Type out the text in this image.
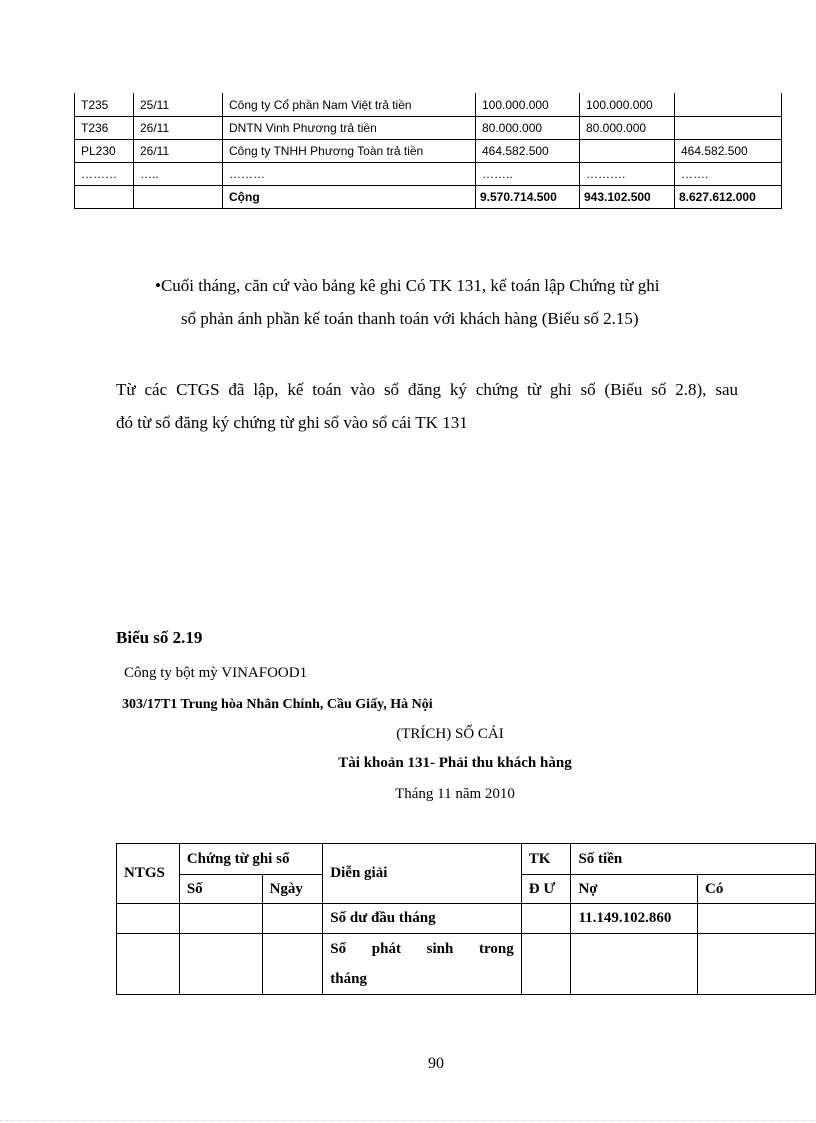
T235	25/11	Công ty Cổ phần Nam Việt trả tiền	100.000.000	100.000.000	
T236	26/11	DNTN Vinh Phương trả tiền	80.000.000	80.000.000	
PL230	26/11	Công ty TNHH Phương Toàn trả tiền	464.582.500		464.582.500
………	…..	………	……..	……….	…….
		Cộng	9.570.714.500	943.102.500	8.627.612.000
•Cuối tháng, căn cứ vào bảng kê ghi Có TK 131, kế toán lập Chứng từ ghi
sổ phản ánh phần kế toán thanh toán với khách hàng (Biểu số 2.15)
Từ các CTGS đã lập, kế toán vào sổ đăng ký chứng từ ghi sổ (Biểu số 2.8), sau
đó từ sổ đăng ký chứng từ ghi sổ vào sổ cái TK 131
Biểu số 2.19
Công ty bột mỳ VINAFOOD1
303/17T1 Trung hòa Nhân Chính, Cầu Giấy, Hà Nội
(TRÍCH) SỔ CÁI
Tài khoản 131- Phải thu khách hàng
Tháng 11 năm 2010
NTGS	Chứng từ ghi sổ		Diễn giải	TK	Số tiền	
	Số	Ngày		Đ Ư	Nợ	Có
			Số dư đầu tháng		11.149.102.860	

			Số phát sinh trong
tháng			

90
